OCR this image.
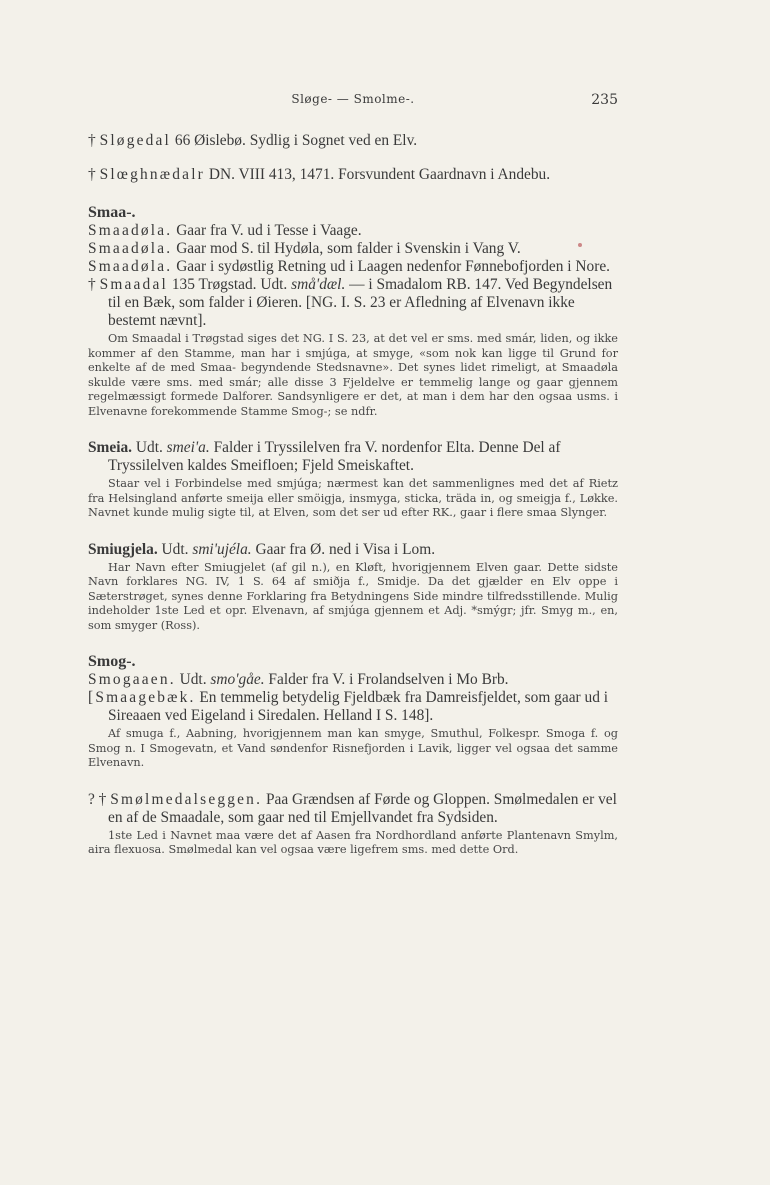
Sløge- — Smolme-.	235

† Sløgedal 66 Øislebø. Sydlig i Sognet ved en Elv.

† Slœghnædalr DN. VIII 413, 1471. Forsvundent Gaardnavn i Andebu.

Smaa-.

Smaadøla. Gaar fra V. ud i Tesse i Vaage.

Smaadøla. Gaar mod S. til Hydøla, som falder i Svenskin i Vang V.

Smaadøla. Gaar i sydøstlig Retning ud i Laagen nedenfor Fønnebofjorden i Nore.

† Smaadal 135 Trøgstad. Udt. små'dæl. — i Smadalom RB. 147. Ved Begyndelsen til en Bæk, som falder i Øieren. [NG. I. S. 23 er Afledning af Elvenavn ikke bestemt nævnt].

Om Smaadal i Trøgstad siges det NG. I S. 23, at det vel er sms. med smár, liden, og ikke kommer af den Stamme, man har i smjúga, at smyge, «som nok kan ligge til Grund for enkelte af de med Smaa- begyndende Stedsnavne». Det synes lidet rimeligt, at Smaadøla skulde være sms. med smár; alle disse 3 Fjeldelve er temmelig lange og gaar gjennem regelmæssigt formede Dalforer. Sandsynligere er det, at man i dem har den ogsaa usms. i Elvenavne forekommende Stamme Smog-; se ndfr.

Smeia. Udt. smei'a. Falder i Tryssilelven fra V. nordenfor Elta. Denne Del af Tryssilelven kaldes Smeifloen; Fjeld Smeiskaftet.

Staar vel i Forbindelse med smjúga; nærmest kan det sammenlignes med det af Rietz fra Helsingland anførte smeija eller smöigja, insmyga, sticka, träda in, og smeigja f., Løkke. Navnet kunde mulig sigte til, at Elven, som det ser ud efter RK., gaar i flere smaa Slynger.

Smiugjela. Udt. smi'ujéla. Gaar fra Ø. ned i Visa i Lom.

Har Navn efter Smiugjelet (af gil n.), en Kløft, hvorigjennem Elven gaar. Dette sidste Navn forklares NG. IV, 1 S. 64 af smiðja f., Smidje. Da det gjælder en Elv oppe i Sæterstrøget, synes denne Forklaring fra Betydningens Side mindre tilfredsstillende. Mulig indeholder 1ste Led et opr. Elvenavn, af smjúga gjennem et Adj. *smýgr; jfr. Smyg m., en, som smyger (Ross).

Smog-.

Smogaaen. Udt. smo'gåe. Falder fra V. i Frolandselven i Mo Brb.

[Smaagebæk. En temmelig betydelig Fjeldbæk fra Damreisfjeldet, som gaar ud i Sireaaen ved Eigeland i Siredalen. Helland I S. 148].

Af smuga f., Aabning, hvorigjennem man kan smyge, Smuthul, Folkespr. Smoga f. og Smog n. I Smogevatn, et Vand søndenfor Risnefjorden i Lavik, ligger vel ogsaa det samme Elvenavn.

? † Smølmedalseggen. Paa Grændsen af Førde og Gloppen. Smølmedalen er vel en af de Smaadale, som gaar ned til Emjellvandet fra Sydsiden.

1ste Led i Navnet maa være det af Aasen fra Nordhordland anførte Plantenavn Smylm, aira flexuosa. Smølmedal kan vel ogsaa være ligefrem sms. med dette Ord.
